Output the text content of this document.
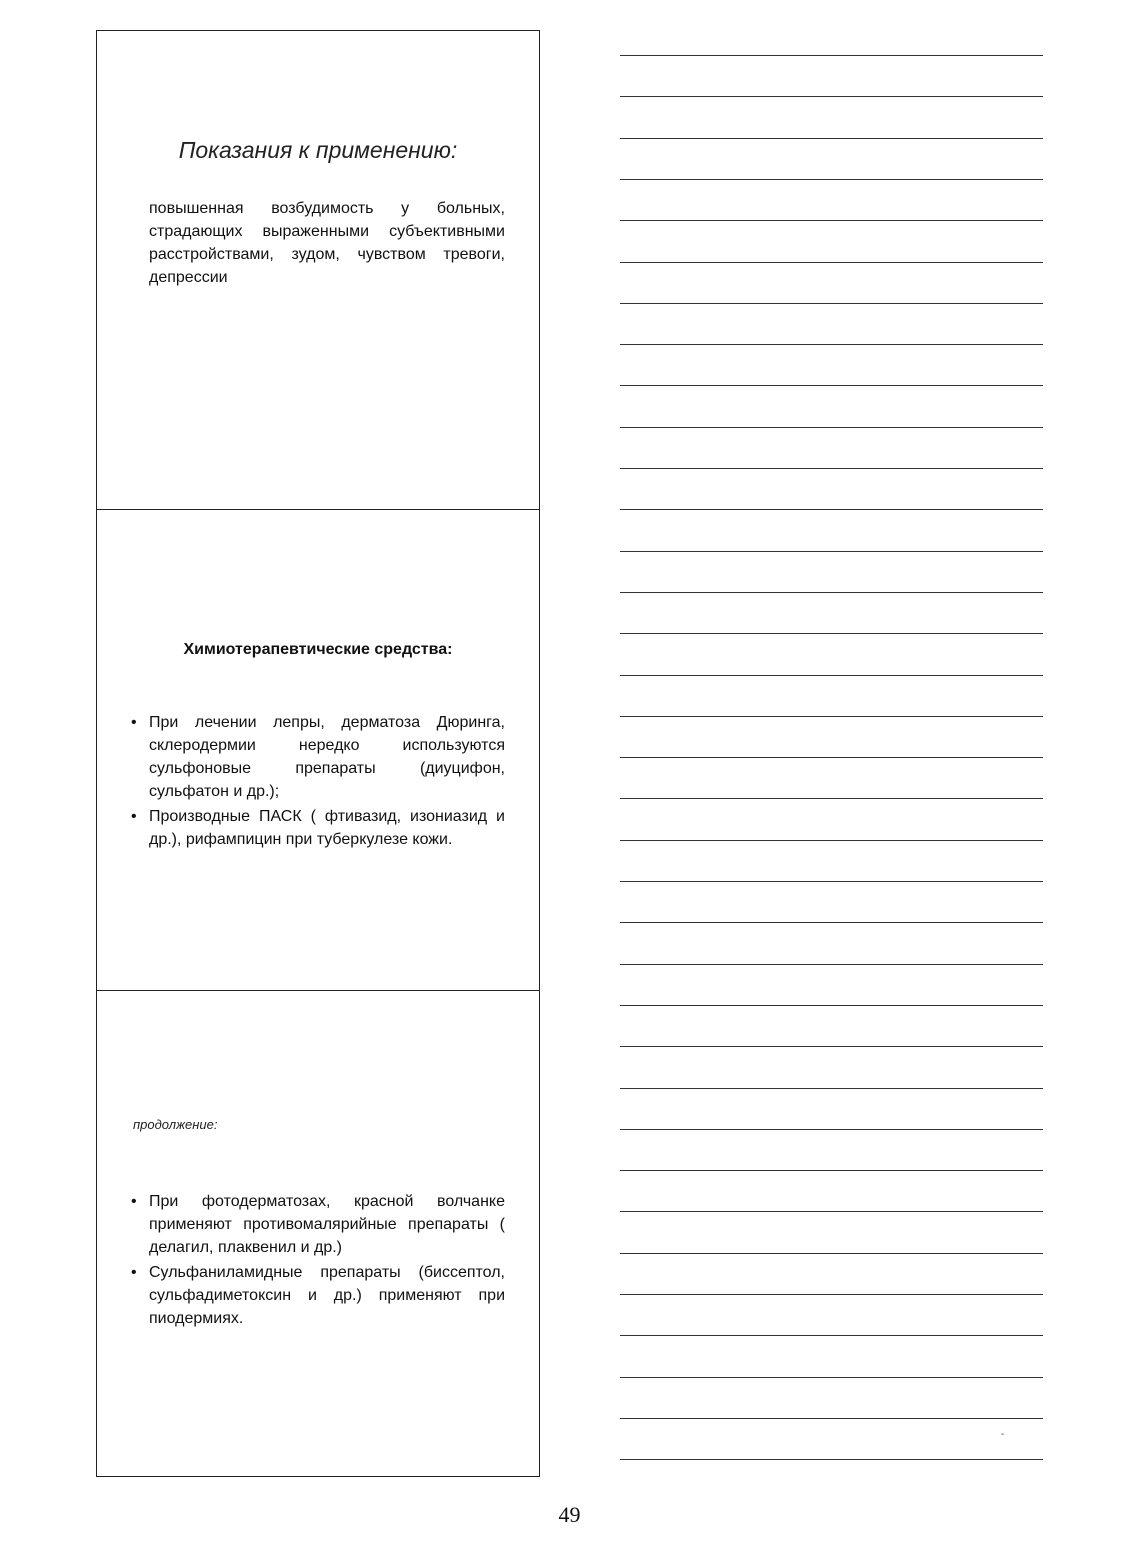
Показания к применению:
повышенная возбудимость у больных, страдающих выраженными субъективными расстройствами, зудом, чувством тревоги, депрессии
Химиотерапевтические средства:
• При лечении лепры, дерматоза Дюринга, склеродермии нередко используются сульфоновые препараты (диуцифон, сульфатон и др.);
• Производные ПАСК ( фтивазид, изониазид и др.), рифампицин при туберкулезе кожи.
продолжение:
• При фотодерматозах, красной волчанке применяют противомалярийные препараты ( делагил, плаквенил и др.)
• Сульфаниламидные препараты (биссептол, сульфадиметоксин и др.) применяют при пиодермиях.
-
49
